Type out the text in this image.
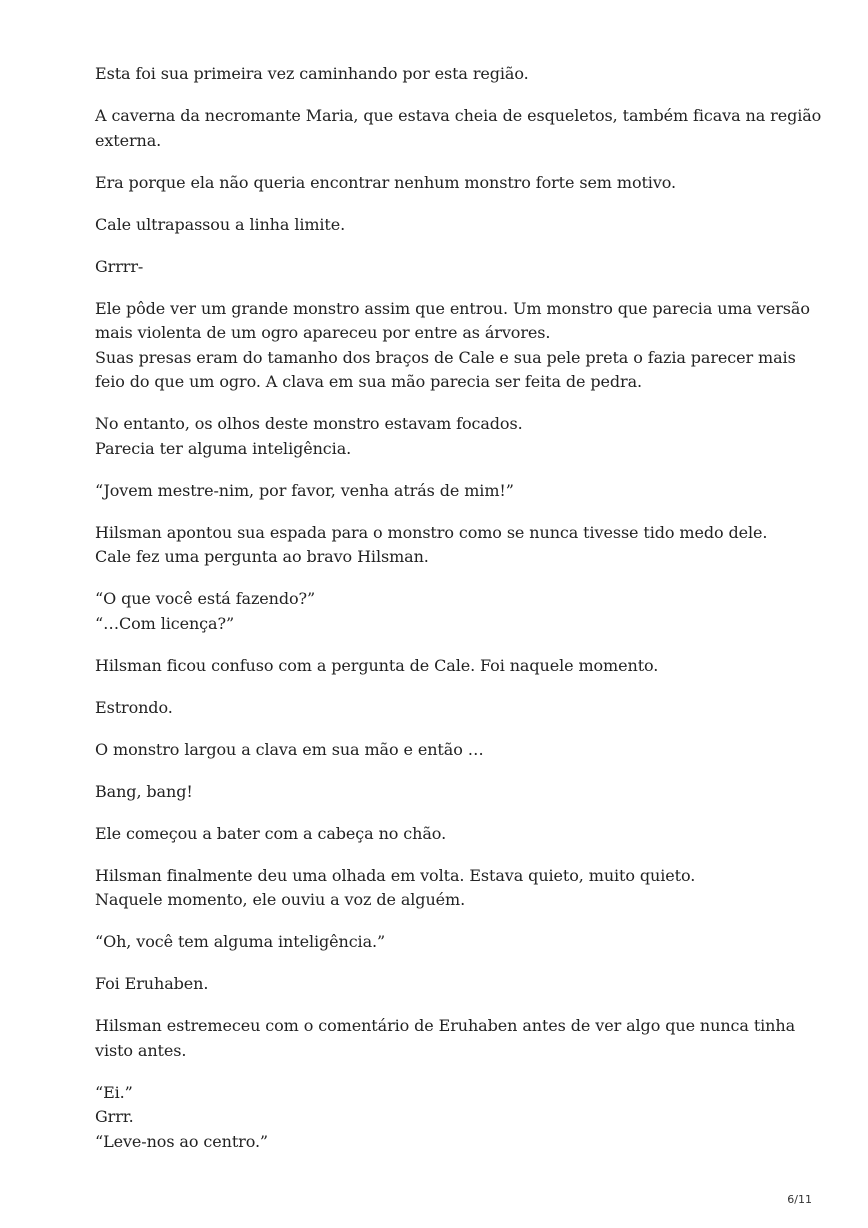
Esta foi sua primeira vez caminhando por esta região.

A caverna da necromante Maria, que estava cheia de esqueletos, também ficava na região
externa.

Era porque ela não queria encontrar nenhum monstro forte sem motivo.

Cale ultrapassou a linha limite.

Grrrr-

Ele pôde ver um grande monstro assim que entrou. Um monstro que parecia uma versão
mais violenta de um ogro apareceu por entre as árvores.
Suas presas eram do tamanho dos braços de Cale e sua pele preta o fazia parecer mais
feio do que um ogro. A clava em sua mão parecia ser feita de pedra.

No entanto, os olhos deste monstro estavam focados.
Parecia ter alguma inteligência.

“Jovem mestre-nim, por favor, venha atrás de mim!”

Hilsman apontou sua espada para o monstro como se nunca tivesse tido medo dele.
Cale fez uma pergunta ao bravo Hilsman.

“O que você está fazendo?”
“…Com licença?”

Hilsman ficou confuso com a pergunta de Cale. Foi naquele momento.

Estrondo.

O monstro largou a clava em sua mão e então …

Bang, bang!

Ele começou a bater com a cabeça no chão.

Hilsman finalmente deu uma olhada em volta. Estava quieto, muito quieto.
Naquele momento, ele ouviu a voz de alguém.

“Oh, você tem alguma inteligência.”

Foi Eruhaben.

Hilsman estremeceu com o comentário de Eruhaben antes de ver algo que nunca tinha
visto antes.

“Ei.”
Grrr.
“Leve-nos ao centro.”

6/11
